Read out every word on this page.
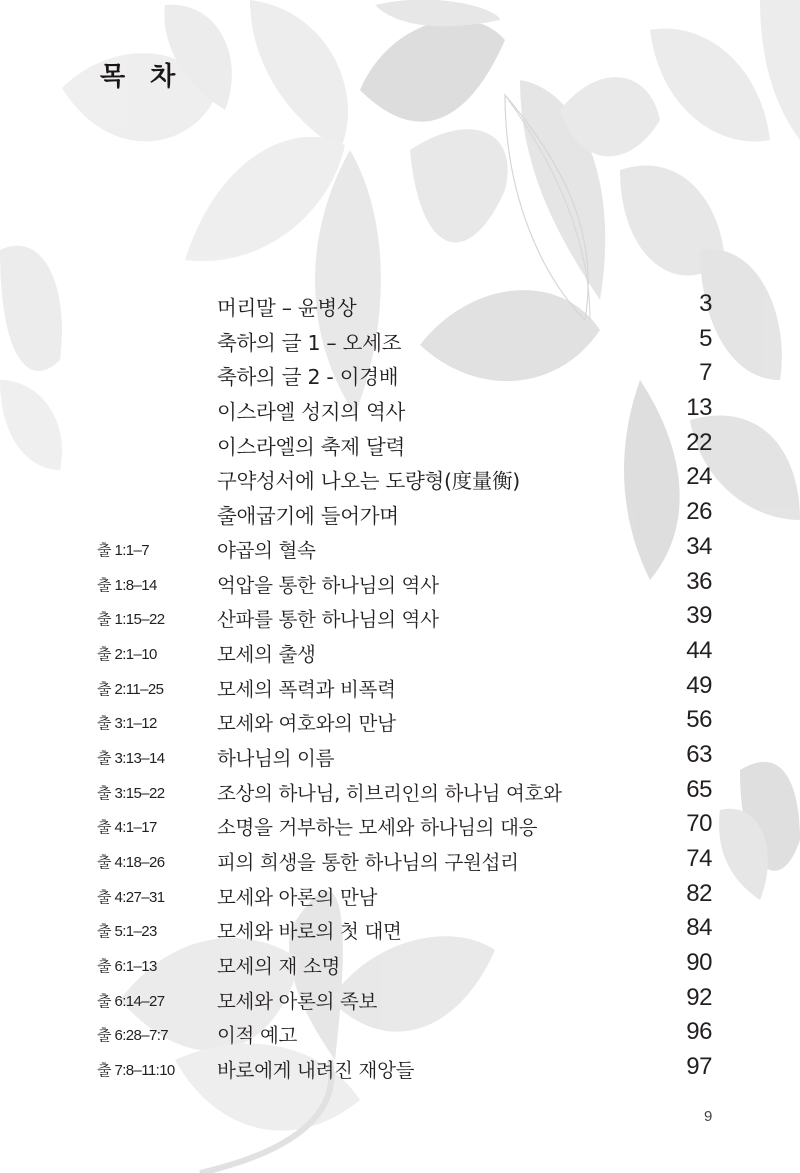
목 차
머리말 – 윤병상	3
축하의 글 1 – 오세조	5
축하의 글 2 - 이경배	7
이스라엘 성지의 역사	13
이스라엘의 축제 달력	22
구약성서에 나오는 도량형(度量衡)	24
출애굽기에 들어가며	26
출 1:1–7	야곱의 혈속	34
출 1:8–14	억압을 통한 하나님의 역사	36
출 1:15–22	산파를 통한 하나님의 역사	39
출 2:1–10	모세의 출생	44
출 2:11–25	모세의 폭력과 비폭력	49
출 3:1–12	모세와 여호와의 만남	56
출 3:13–14	하나님의 이름	63
출 3:15–22	조상의 하나님, 히브리인의 하나님 여호와	65
출 4:1–17	소명을 거부하는 모세와 하나님의 대응	70
출 4:18–26	피의 희생을 통한 하나님의 구원섭리	74
출 4:27–31	모세와 아론의 만남	82
출 5:1–23	모세와 바로의 첫 대면	84
출 6:1–13	모세의 재 소명	90
출 6:14–27	모세와 아론의 족보	92
출 6:28–7:7	이적 예고	96
출 7:8–11:10 바로에게 내려진 재앙들	97
9
